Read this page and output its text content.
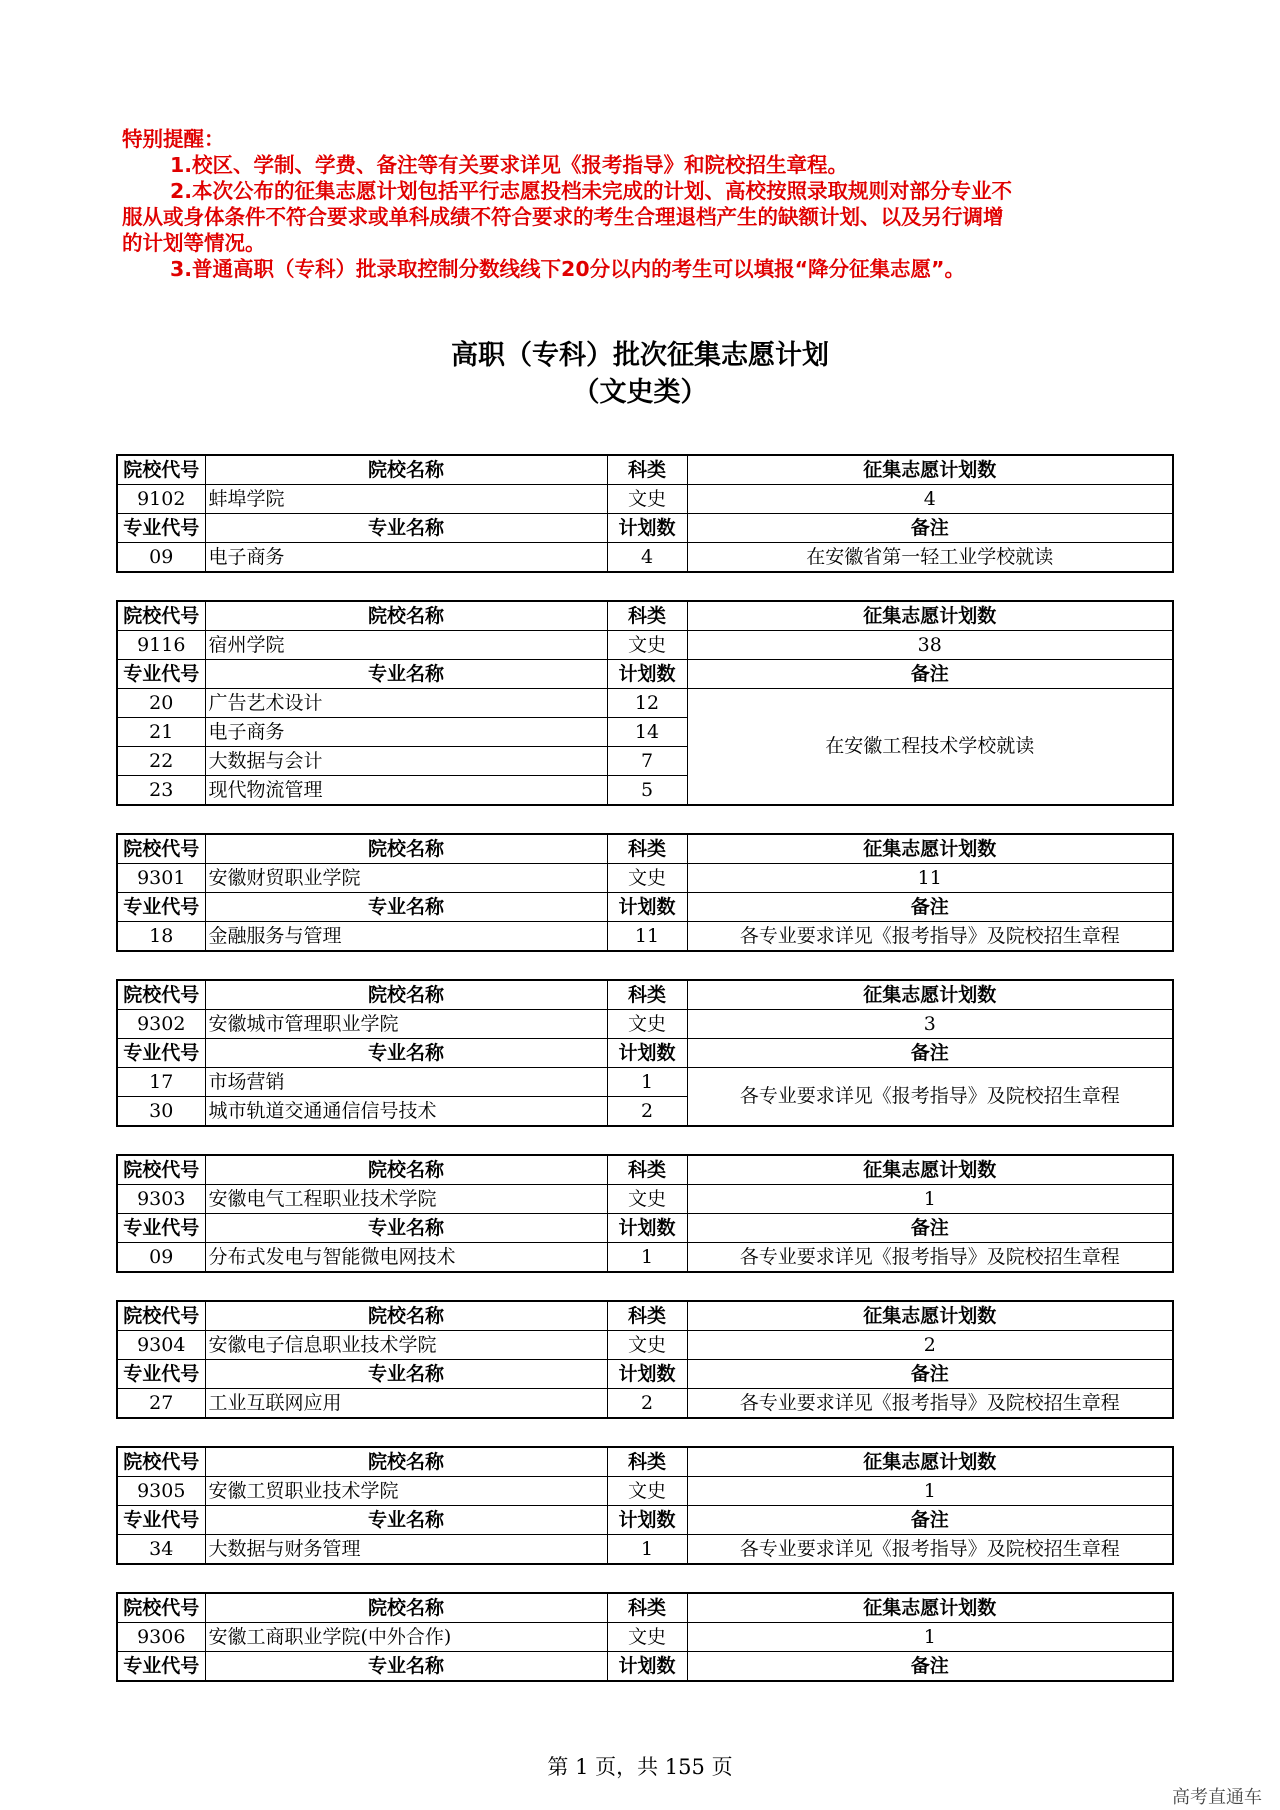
特别提醒：
1.校区、学制、学费、备注等有关要求详见《报考指导》和院校招生章程。
2.本次公布的征集志愿计划包括平行志愿投档未完成的计划、高校按照录取规则对部分专业不
服从或身体条件不符合要求或单科成绩不符合要求的考生合理退档产生的缺额计划、以及另行调增
的计划等情况。
3.普通高职（专科）批录取控制分数线线下20分以内的考生可以填报“降分征集志愿”。
高职（专科）批次征集志愿计划
（文史类）
院校代号	院校名称	科类	征集志愿计划数
9102	蚌埠学院	文史	4
专业代号	专业名称	计划数	备注
09	电子商务	4	在安徽省第一轻工业学校就读
院校代号	院校名称	科类	征集志愿计划数
9116	宿州学院	文史	38
专业代号	专业名称	计划数	备注
20	广告艺术设计	12	在安徽工程技术学校就读
21	电子商务	14	
22	大数据与会计	7	
23	现代物流管理	5	
院校代号	院校名称	科类	征集志愿计划数
9301	安徽财贸职业学院	文史	11
专业代号	专业名称	计划数	备注
18	金融服务与管理	11	各专业要求详见《报考指导》及院校招生章程
院校代号	院校名称	科类	征集志愿计划数
9302	安徽城市管理职业学院	文史	3
专业代号	专业名称	计划数	备注
17	市场营销	1	各专业要求详见《报考指导》及院校招生章程
30	城市轨道交通通信信号技术	2	
院校代号	院校名称	科类	征集志愿计划数
9303	安徽电气工程职业技术学院	文史	1
专业代号	专业名称	计划数	备注
09	分布式发电与智能微电网技术	1	各专业要求详见《报考指导》及院校招生章程
院校代号	院校名称	科类	征集志愿计划数
9304	安徽电子信息职业技术学院	文史	2
专业代号	专业名称	计划数	备注
27	工业互联网应用	2	各专业要求详见《报考指导》及院校招生章程
院校代号	院校名称	科类	征集志愿计划数
9305	安徽工贸职业技术学院	文史	1
专业代号	专业名称	计划数	备注
34	大数据与财务管理	1	各专业要求详见《报考指导》及院校招生章程
院校代号	院校名称	科类	征集志愿计划数
9306	安徽工商职业学院(中外合作)	文史	1
专业代号	专业名称	计划数	备注
第 1 页，共 155 页
高考直通车
